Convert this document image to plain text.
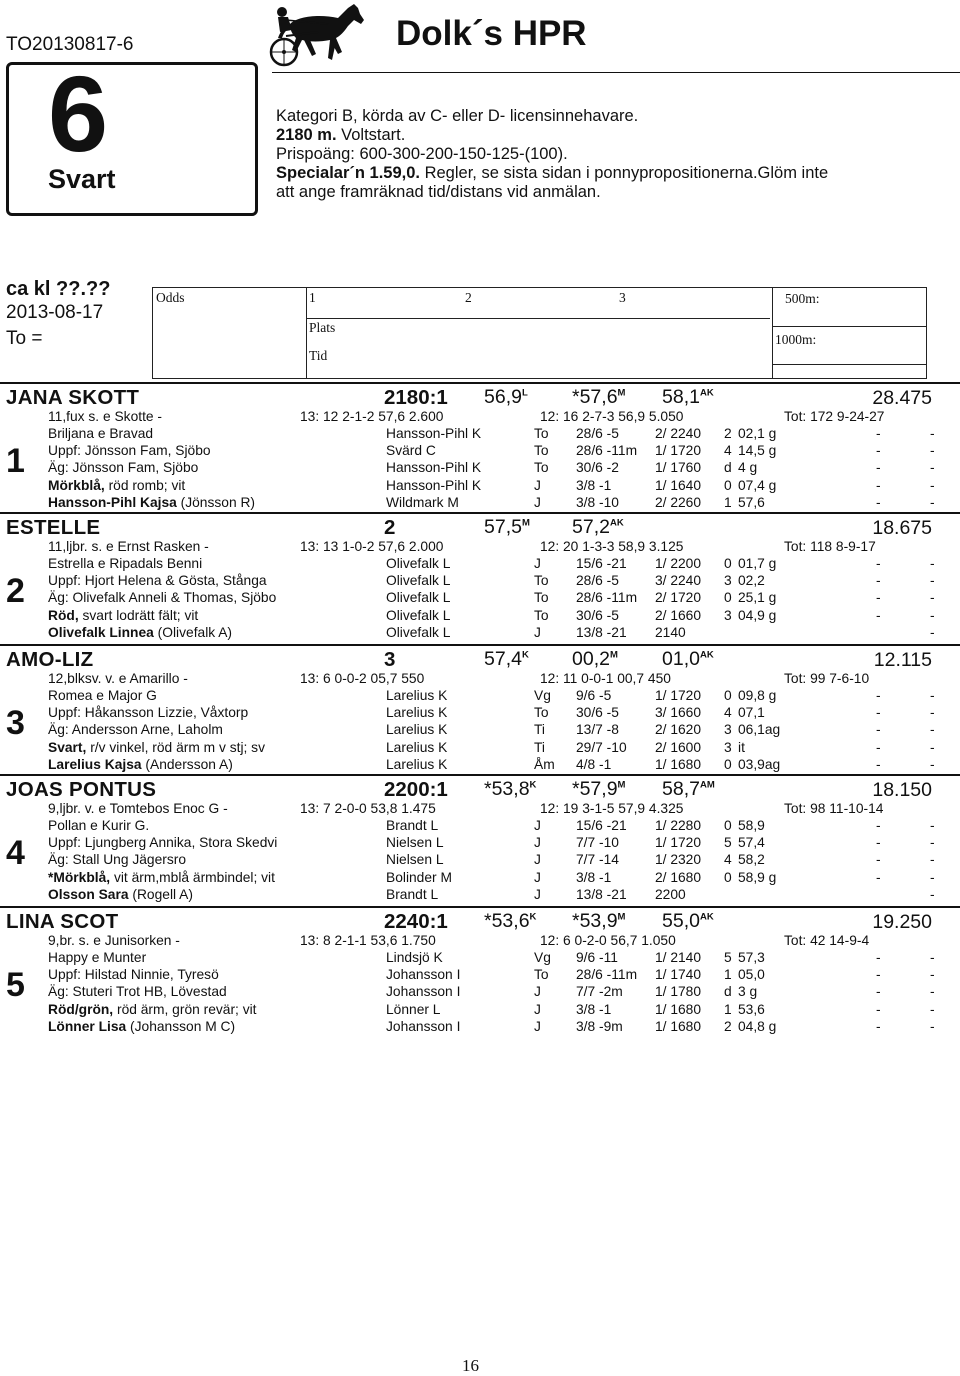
TO20130817-6
6
Svart
Dolk´s HPR
Kategori B, körda av C- eller D- licensinnehavare.
2180 m. Voltstart.
Prispoäng: 600-300-200-150-125-(100).
Specialar´n 1.59,0. Regler, se sista sidan i ponnypropositionerna.Glöm inte
att ange framräknad tid/distans vid anmälan.
ca kl ??.??
2013-08-17
To =
Odds	1	2	3
Plats
Tid
500m:
1000m:
JANA SKOTT	2180:1 $56,9^L$ $*57,6^M$ $58,1^{AK}$	28.475
1
11,fux s. e Skotte -	13: 12 2-1-2 57,6 2.600	12: 16 2-7-3 56,9 5.050	Tot: 172 9-24-27
Briljana e Bravad	Hansson-Pihl K	To 28/6 -5	2/ 2240 2 02,1 g	-	-
Uppf: Jönsson Fam, Sjöbo	Svärd C	To 28/6 -11m 1/ 1720 4 14,5 g	-	-
Äg: Jönsson Fam, Sjöbo	Hansson-Pihl K	To 30/6 -2	1/ 1760 d 4 g	-	-
Mörkblå, röd romb; vit	Hansson-Pihl K	J	3/8 -1	1/ 1640 0 07,4 g	-	-
Hansson-Pihl Kajsa (Jönsson R)	Wildmark M	J	3/8 -10	2/ 2260 1 57,6	-	-
ESTELLE	2	$57,5^M$ $57,2^{AK}$	18.675
2
11,ljbr. s. e Ernst Rasken -	13: 13 1-0-2 57,6 2.000	12: 20 1-3-3 58,9 3.125	Tot: 118 8-9-17
Estrella e Ripadals Benni	Olivefalk L	J	15/6 -21 1/ 2200 0 01,7 g	-	-
Uppf: Hjort Helena & Gösta, Stånga	Olivefalk L	To 28/6 -5	3/ 2240 3 02,2	-	-
Äg: Olivefalk Anneli & Thomas, Sjöbo	Olivefalk L	To 28/6 -11m 2/ 1720 0 25,1 g	-	-
Röd, svart lodrätt fält; vit	Olivefalk L	To 30/6 -5	2/ 1660 3 04,9 g	-	-
Olivefalk Linnea (Olivefalk A)	Olivefalk L	J	13/8 -21 2140	-
AMO-LIZ	3	$57,4^K$ $00,2^M$ $01,0^{AK}$	12.115
3
12,blksv. v. e Amarillo -	13: 6 0-0-2 05,7 550	12: 11 0-0-1 00,7 450	Tot: 99 7-6-10
Romea e Major G	Larelius K	Vg 9/6 -5	1/ 1720 0 09,8 g	-	-
Uppf: Håkansson Lizzie, Våxtorp	Larelius K	To 30/6 -5	3/ 1660 4 07,1	-	-
Äg: Andersson Arne, Laholm	Larelius K	Ti 13/7 -8	2/ 1620 3 06,1ag	-	-
Svart, r/v vinkel, röd ärm m v stj; sv	Larelius K	Ti 29/7 -10 2/ 1600 3 it	-	-
Larelius Kajsa (Andersson A)	Larelius K	Åm 4/8 -1	1/ 1680 0 03,9ag	-	-
JOAS PONTUS	2200:1 $*53,8^K$ $*57,9^M$ $58,7^{AM}$	18.150
4
9,ljbr. v. e Tomtebos Enoc G -	13: 7 2-0-0 53,8 1.475	12: 19 3-1-5 57,9 4.325	Tot: 98 11-10-14
Pollan e Kurir G.	Brandt L	J	15/6 -21 1/ 2280 0 58,9	-	-
Uppf: Ljungberg Annika, Stora Skedvi	Nielsen L	J	7/7 -10	1/ 1720 5 57,4	-	-
Äg: Stall Ung Jägersro	Nielsen L	J	7/7 -14	1/ 2320 4 58,2	-	-
*Mörkblå, vit ärm,mblå ärmbindel; vit	Bolinder M	J	3/8 -1	2/ 1680 0 58,9 g	-	-
Olsson Sara (Rogell A)	Brandt L	J	13/8 -21 2200	-
LINA SCOT	2240:1 $*53,6^K$ $*53,9^M$ $55,0^{AK}$	19.250
5
9,br. s. e Junisorken -	13: 8 2-1-1 53,6 1.750	12: 6 0-2-0 56,7 1.050	Tot: 42 14-9-4
Happy e Munter	Lindsjö K	Vg 9/6 -11	1/ 2140 5 57,3	-	-
Uppf: Hilstad Ninnie, Tyresö	Johansson I	To 28/6 -11m 1/ 1740 1 05,0	-	-
Äg: Stuteri Trot HB, Lövestad	Johansson I	J	7/7 -2m 1/ 1780 d 3 g	-	-
Röd/grön, röd ärm, grön revär; vit	Lönner L	J	3/8 -1	1/ 1680 1 53,6	-	-
Lönner Lisa (Johansson M C)	Johansson I	J	3/8 -9m 1/ 1680 2 04,8 g	-	-
16
